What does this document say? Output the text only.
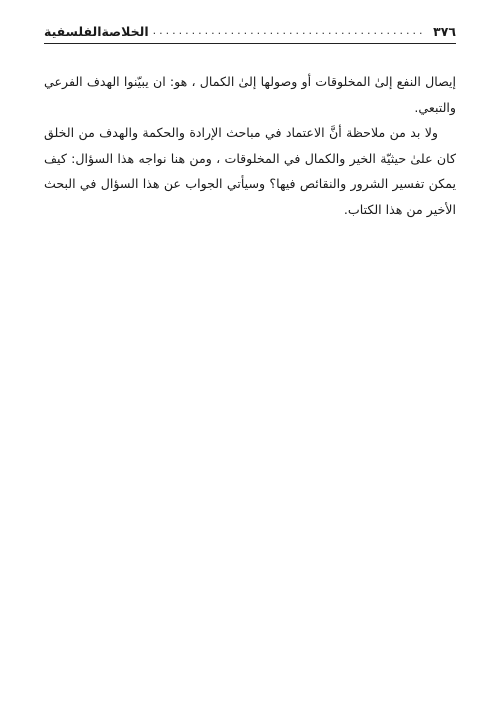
الخلاصةالفلسفية .......................................... ٣٧٦

إيصال النفع إلىٰ المخلوقات أو وصولها إلىٰ الكمال ، هو: ان يبيّنوا الهدف الفرعي والتبعي.

ولا بد من ملاحظة أنَّ الاعتماد في مباحث الإرادة والحكمة والهدف من الخلق كان علىٰ حيثيّة الخير والكمال في المخلوقات ، ومن هنا نواجه هذا السؤال: كيف يمكن تفسير الشرور والنقائص فيها؟ وسيأتي الجواب عن هذا السؤال في البحث الأخير من هذا الكتاب.
